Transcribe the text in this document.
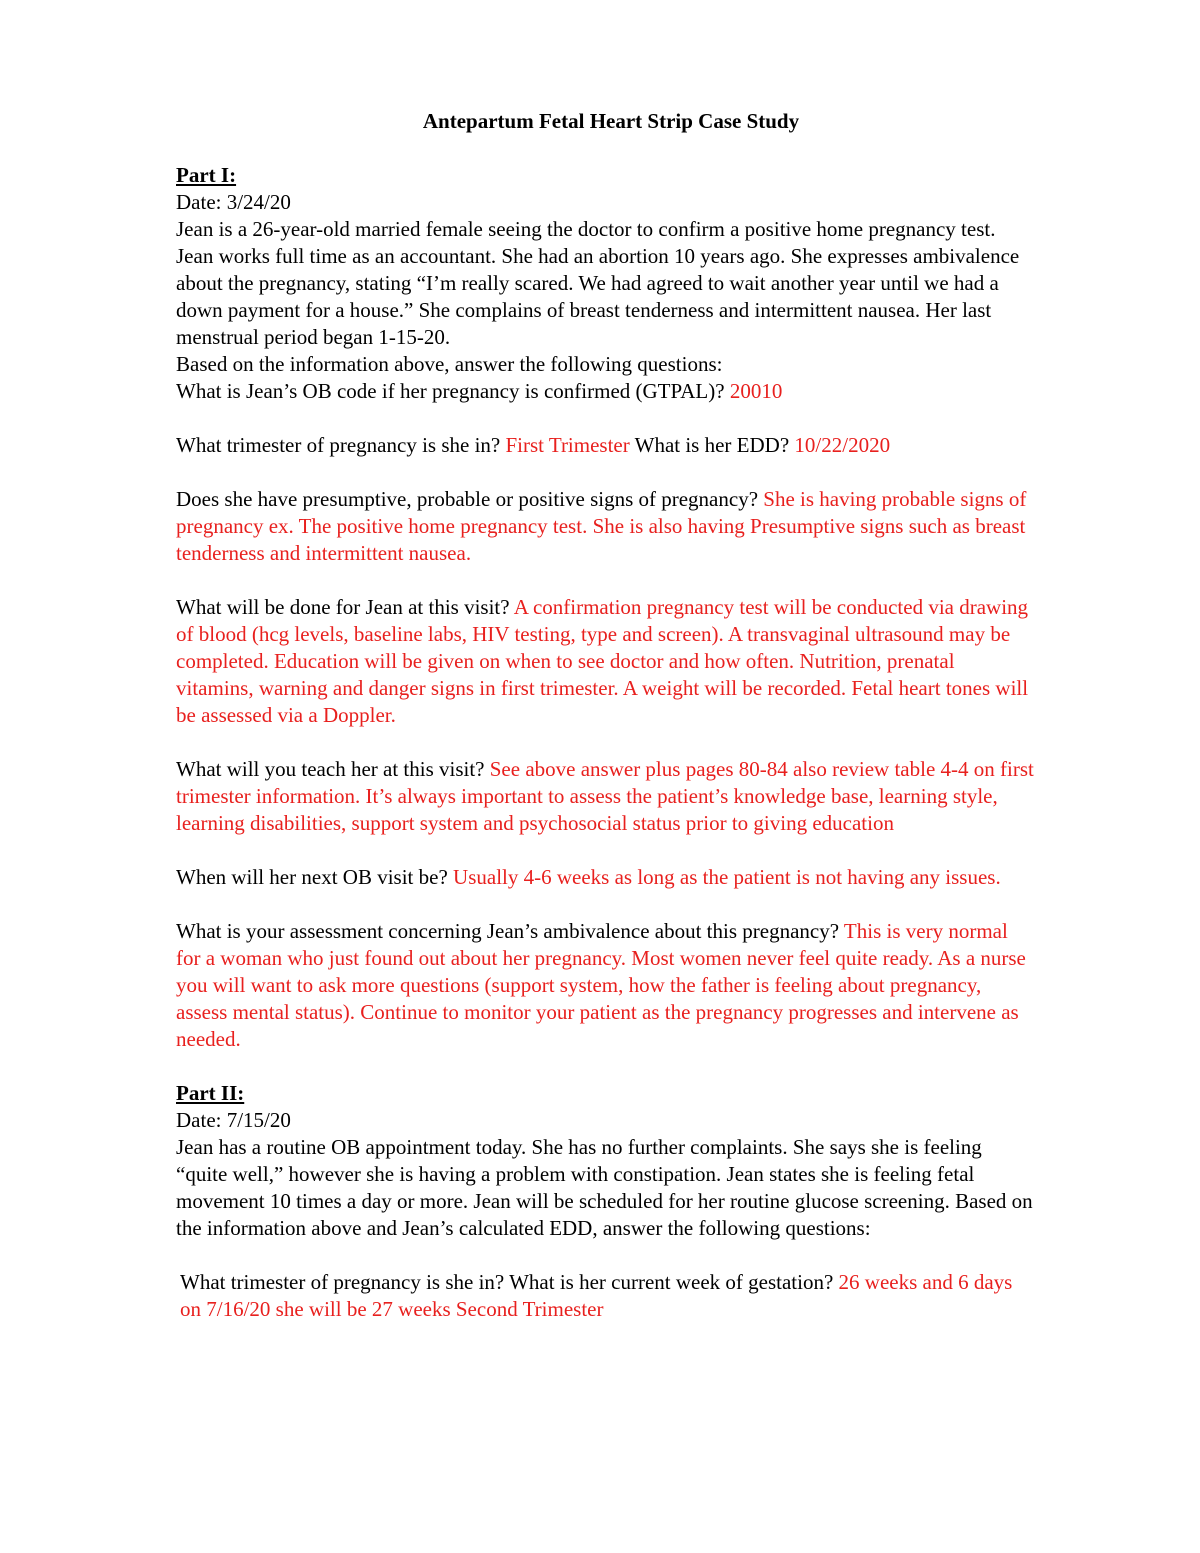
Antepartum Fetal Heart Strip Case Study

Part I:

Date: 3/24/20

Jean is a 26-year-old married female seeing the doctor to confirm a positive home pregnancy test. Jean works full time as an accountant. She had an abortion 10 years ago. She expresses ambivalence about the pregnancy, stating “I’m really scared. We had agreed to wait another year until we had a down payment for a house.” She complains of breast tenderness and intermittent nausea. Her last menstrual period began 1-15-20.

Based on the information above, answer the following questions:

What is Jean’s OB code if her pregnancy is confirmed (GTPAL)? 20010

What trimester of pregnancy is she in? First Trimester What is her EDD? 10/22/2020

Does she have presumptive, probable or positive signs of pregnancy? She is having probable signs of pregnancy ex. The positive home pregnancy test. She is also having Presumptive signs such as breast tenderness and intermittent nausea.

What will be done for Jean at this visit? A confirmation pregnancy test will be conducted via drawing of blood (hcg levels, baseline labs, HIV testing, type and screen). A transvaginal ultrasound may be completed. Education will be given on when to see doctor and how often. Nutrition, prenatal vitamins, warning and danger signs in first trimester. A weight will be recorded. Fetal heart tones will be assessed via a Doppler.

What will you teach her at this visit? See above answer plus pages 80-84 also review table 4-4 on first trimester information. It’s always important to assess the patient’s knowledge base, learning style, learning disabilities, support system and psychosocial status prior to giving education

When will her next OB visit be? Usually 4-6 weeks as long as the patient is not having any issues.

What is your assessment concerning Jean’s ambivalence about this pregnancy? This is very normal for a woman who just found out about her pregnancy. Most women never feel quite ready. As a nurse you will want to ask more questions (support system, how the father is feeling about pregnancy, assess mental status). Continue to monitor your patient as the pregnancy progresses and intervene as needed.

Part II:

Date: 7/15/20

Jean has a routine OB appointment today. She has no further complaints. She says she is feeling “quite well,” however she is having a problem with constipation. Jean states she is feeling fetal movement 10 times a day or more. Jean will be scheduled for her routine glucose screening. Based on the information above and Jean’s calculated EDD, answer the following questions:

What trimester of pregnancy is she in? What is her current week of gestation? 26 weeks and 6 days on 7/16/20 she will be 27 weeks Second Trimester
